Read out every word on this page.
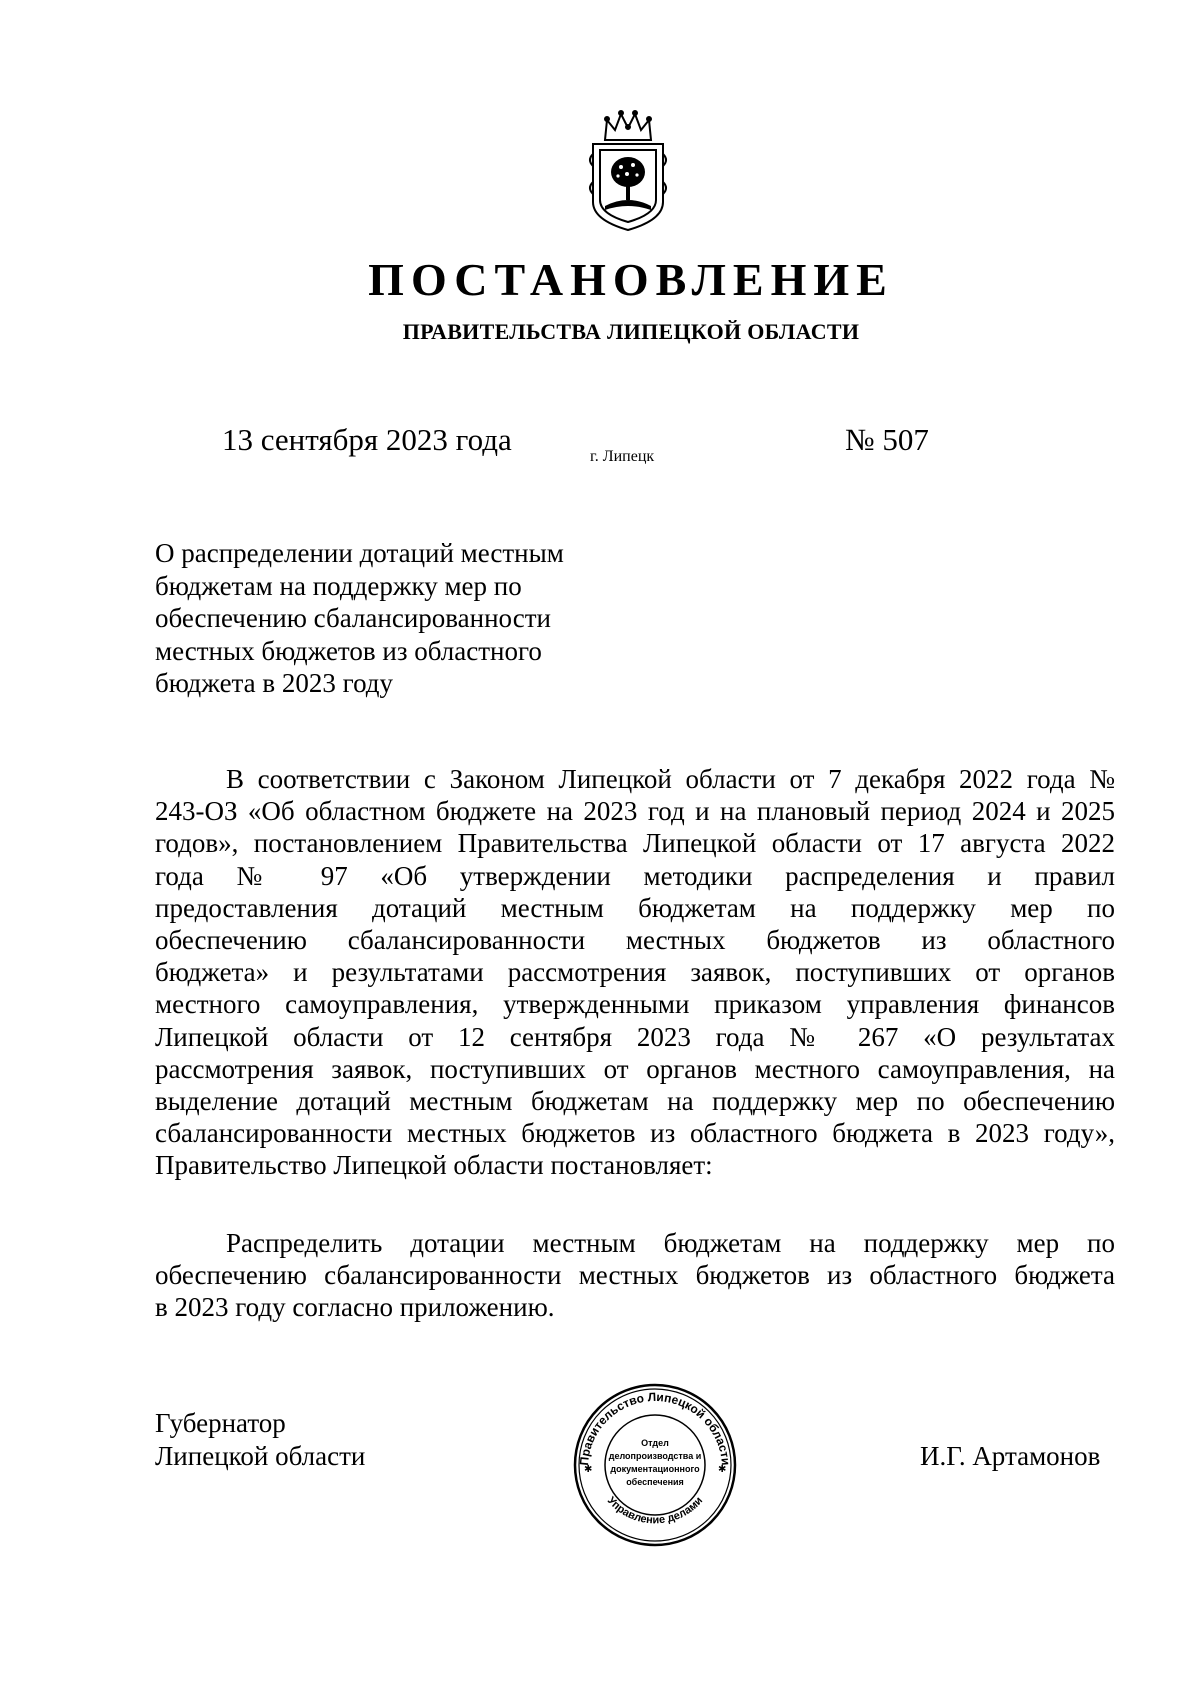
ПОСТАНОВЛЕНИЕ
ПРАВИТЕЛЬСТВА ЛИПЕЦКОЙ ОБЛАСТИ
13 сентября 2023 года	г. Липецк	№ 507
О распределении дотаций местным
бюджетам на поддержку мер по
обеспечению сбалансированности
местных бюджетов из областного
бюджета в 2023 году
В соответствии с Законом Липецкой области от 7 декабря 2022 года №
243-ОЗ «Об областном бюджете на 2023 год и на плановый период 2024 и 2025
годов», постановлением Правительства Липецкой области от 17 августа 2022
года № 97 «Об утверждении методики распределения и правил
предоставления дотаций местным бюджетам на поддержку мер по
обеспечению сбалансированности местных бюджетов из областного
бюджета» и результатами рассмотрения заявок, поступивших от органов
местного самоуправления, утвержденными приказом управления финансов
Липецкой области от 12 сентября 2023 года № 267 «О результатах
рассмотрения заявок, поступивших от органов местного самоуправления, на
выделение дотаций местным бюджетам на поддержку мер по обеспечению
сбалансированности местных бюджетов из областного бюджета в 2023 году»,
Правительство Липецкой области постановляет:
Распределить дотации местным бюджетам на поддержку мер по
обеспечению сбалансированности местных бюджетов из областного бюджета
в 2023 году согласно приложению.
Губернатор
Липецкой области	Правительство Липецкой области
Управление делами
Отдел
делопроизводства и
документационного
обеспечения
✱	✱	И.Г. Артамонов
